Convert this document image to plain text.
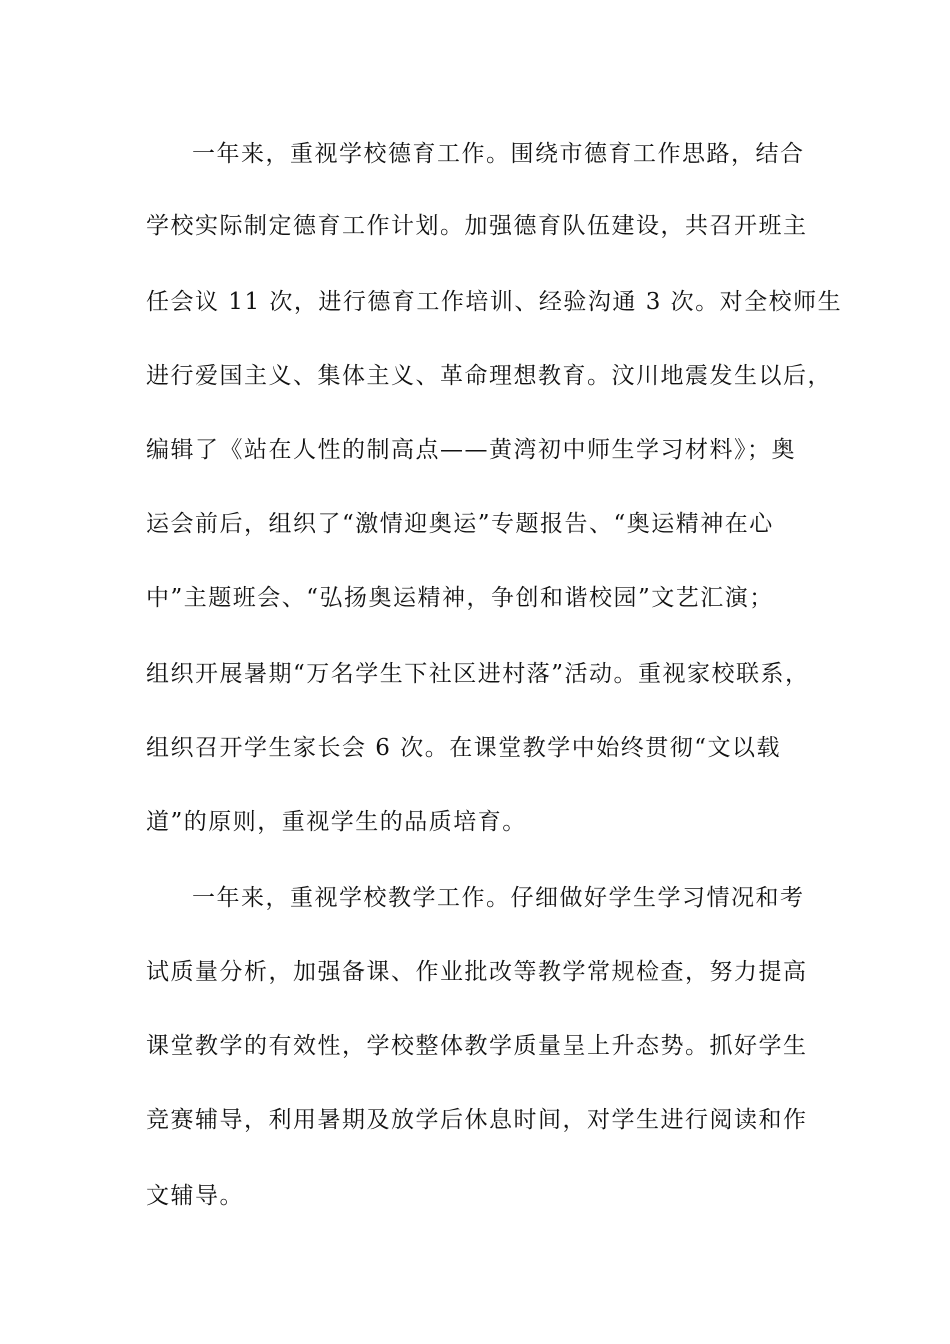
一年来，重视学校德育工作。围绕市德育工作思路，结合
学校实际制定德育工作计划。加强德育队伍建设，共召开班主
任会议 11 次，进行德育工作培训、经验沟通 3 次。对全校师生
进行爱国主义、集体主义、革命理想教育。汶川地震发生以后，
编辑了《站在人性的制高点——黄湾初中师生学习材料》；奥
运会前后，组织了“激情迎奥运”专题报告、“奥运精神在心
中”主题班会、“弘扬奥运精神，争创和谐校园”文艺汇演；
组织开展暑期“万名学生下社区进村落”活动。重视家校联系，
组织召开学生家长会 6 次。在课堂教学中始终贯彻“文以载
道”的原则，重视学生的品质培育。
一年来，重视学校教学工作。仔细做好学生学习情况和考
试质量分析，加强备课、作业批改等教学常规检查，努力提高
课堂教学的有效性，学校整体教学质量呈上升态势。抓好学生
竞赛辅导，利用暑期及放学后休息时间，对学生进行阅读和作
文辅导。
